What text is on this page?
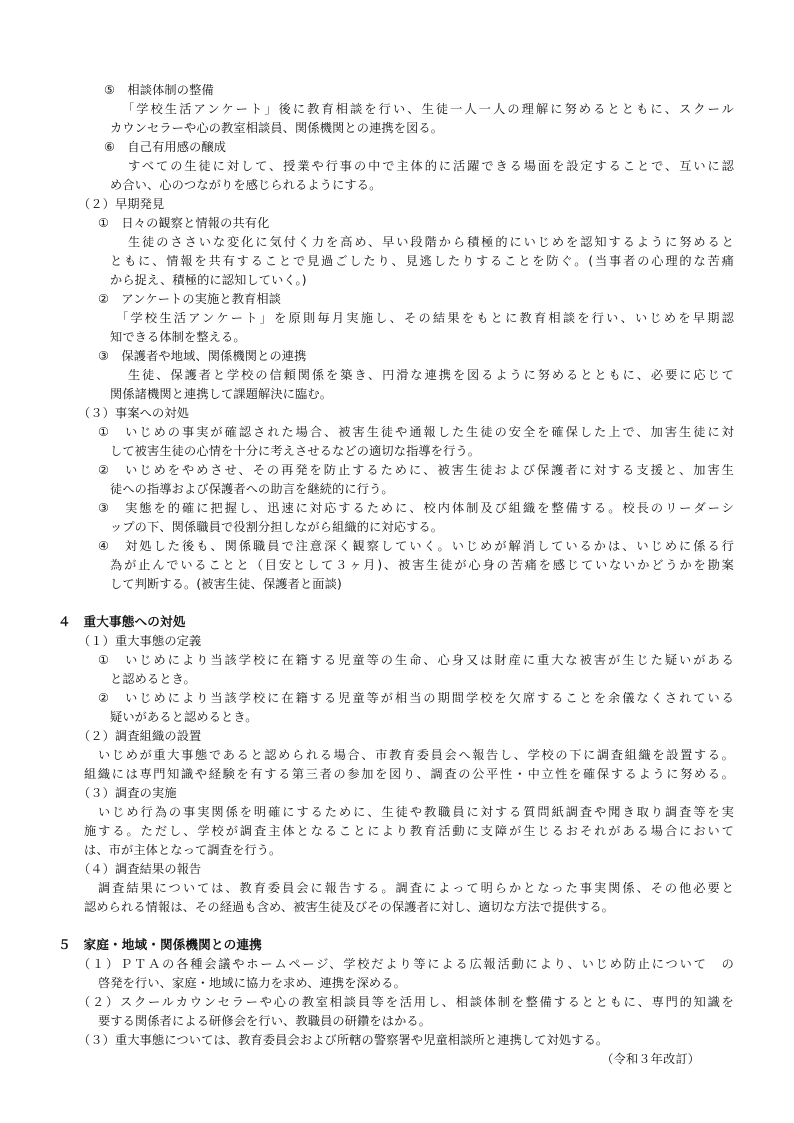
⑤　相談体制の整備
「学校生活アンケート」後に教育相談を行い、生徒一人一人の理解に努めるとともに、スクール
カウンセラーや心の教室相談員、関係機関との連携を図る。
⑥　自己有用感の醸成
すべての生徒に対して、授業や行事の中で主体的に活躍できる場面を設定することで、互いに認
め合い、心のつながりを感じられるようにする。
（２）早期発見
①　日々の観察と情報の共有化
生徒のささいな変化に気付く力を高め、早い段階から積極的にいじめを認知するように努めると
ともに、情報を共有することで見過ごしたり、見逃したりすることを防ぐ。(当事者の心理的な苦痛
から捉え、積極的に認知していく。)
②　アンケートの実施と教育相談
「学校生活アンケート」を原則毎月実施し、その結果をもとに教育相談を行い、いじめを早期認
知できる体制を整える。
③　保護者や地域、関係機関との連携
生徒、保護者と学校の信頼関係を築き、円滑な連携を図るように努めるとともに、必要に応じて
関係諸機関と連携して課題解決に臨む。
（３）事案への対処
①　いじめの事実が確認された場合、被害生徒や通報した生徒の安全を確保した上で、加害生徒に対
して被害生徒の心情を十分に考えさせるなどの適切な指導を行う。
②　いじめをやめさせ、その再発を防止するために、被害生徒および保護者に対する支援と、加害生
徒への指導および保護者への助言を継続的に行う。
③　実態を的確に把握し、迅速に対応するために、校内体制及び組織を整備する。校長のリーダーシ
ップの下、関係職員で役割分担しながら組織的に対応する。
④　対処した後も、関係職員で注意深く観察していく。いじめが解消しているかは、いじめに係る行
為が止んでいることと（目安として３ヶ月)、被害生徒が心身の苦痛を感じていないかどうかを勘案
して判断する。(被害生徒、保護者と面談)
４　重大事態への対処
（１）重大事態の定義
①　いじめにより当該学校に在籍する児童等の生命、心身又は財産に重大な被害が生じた疑いがある
と認めるとき。
②　いじめにより当該学校に在籍する児童等が相当の期間学校を欠席することを余儀なくされている
疑いがあると認めるとき。
（２）調査組織の設置
いじめが重大事態であると認められる場合、市教育委員会へ報告し、学校の下に調査組織を設置する。
組織には専門知識や経験を有する第三者の参加を図り、調査の公平性・中立性を確保するように努める。
（３）調査の実施
いじめ行為の事実関係を明確にするために、生徒や教職員に対する質問紙調査や聞き取り調査等を実
施する。ただし、学校が調査主体となることにより教育活動に支障が生じるおそれがある場合において
は、市が主体となって調査を行う。
（４）調査結果の報告
調査結果については、教育委員会に報告する。調査によって明らかとなった事実関係、その他必要と
認められる情報は、その経過も含め、被害生徒及びその保護者に対し、適切な方法で提供する。
５　家庭・地域・関係機関との連携
（１）ＰＴＡの各種会議やホームページ、学校だより等による広報活動により、いじめ防止について　の
啓発を行い、家庭・地域に協力を求め、連携を深める。
（２）スクールカウンセラーや心の教室相談員等を活用し、相談体制を整備するとともに、専門的知識を
要する関係者による研修会を行い、教職員の研鑽をはかる。
（３）重大事態については、教育委員会および所轄の警察署や児童相談所と連携して対処する。
（令和３年改訂）
